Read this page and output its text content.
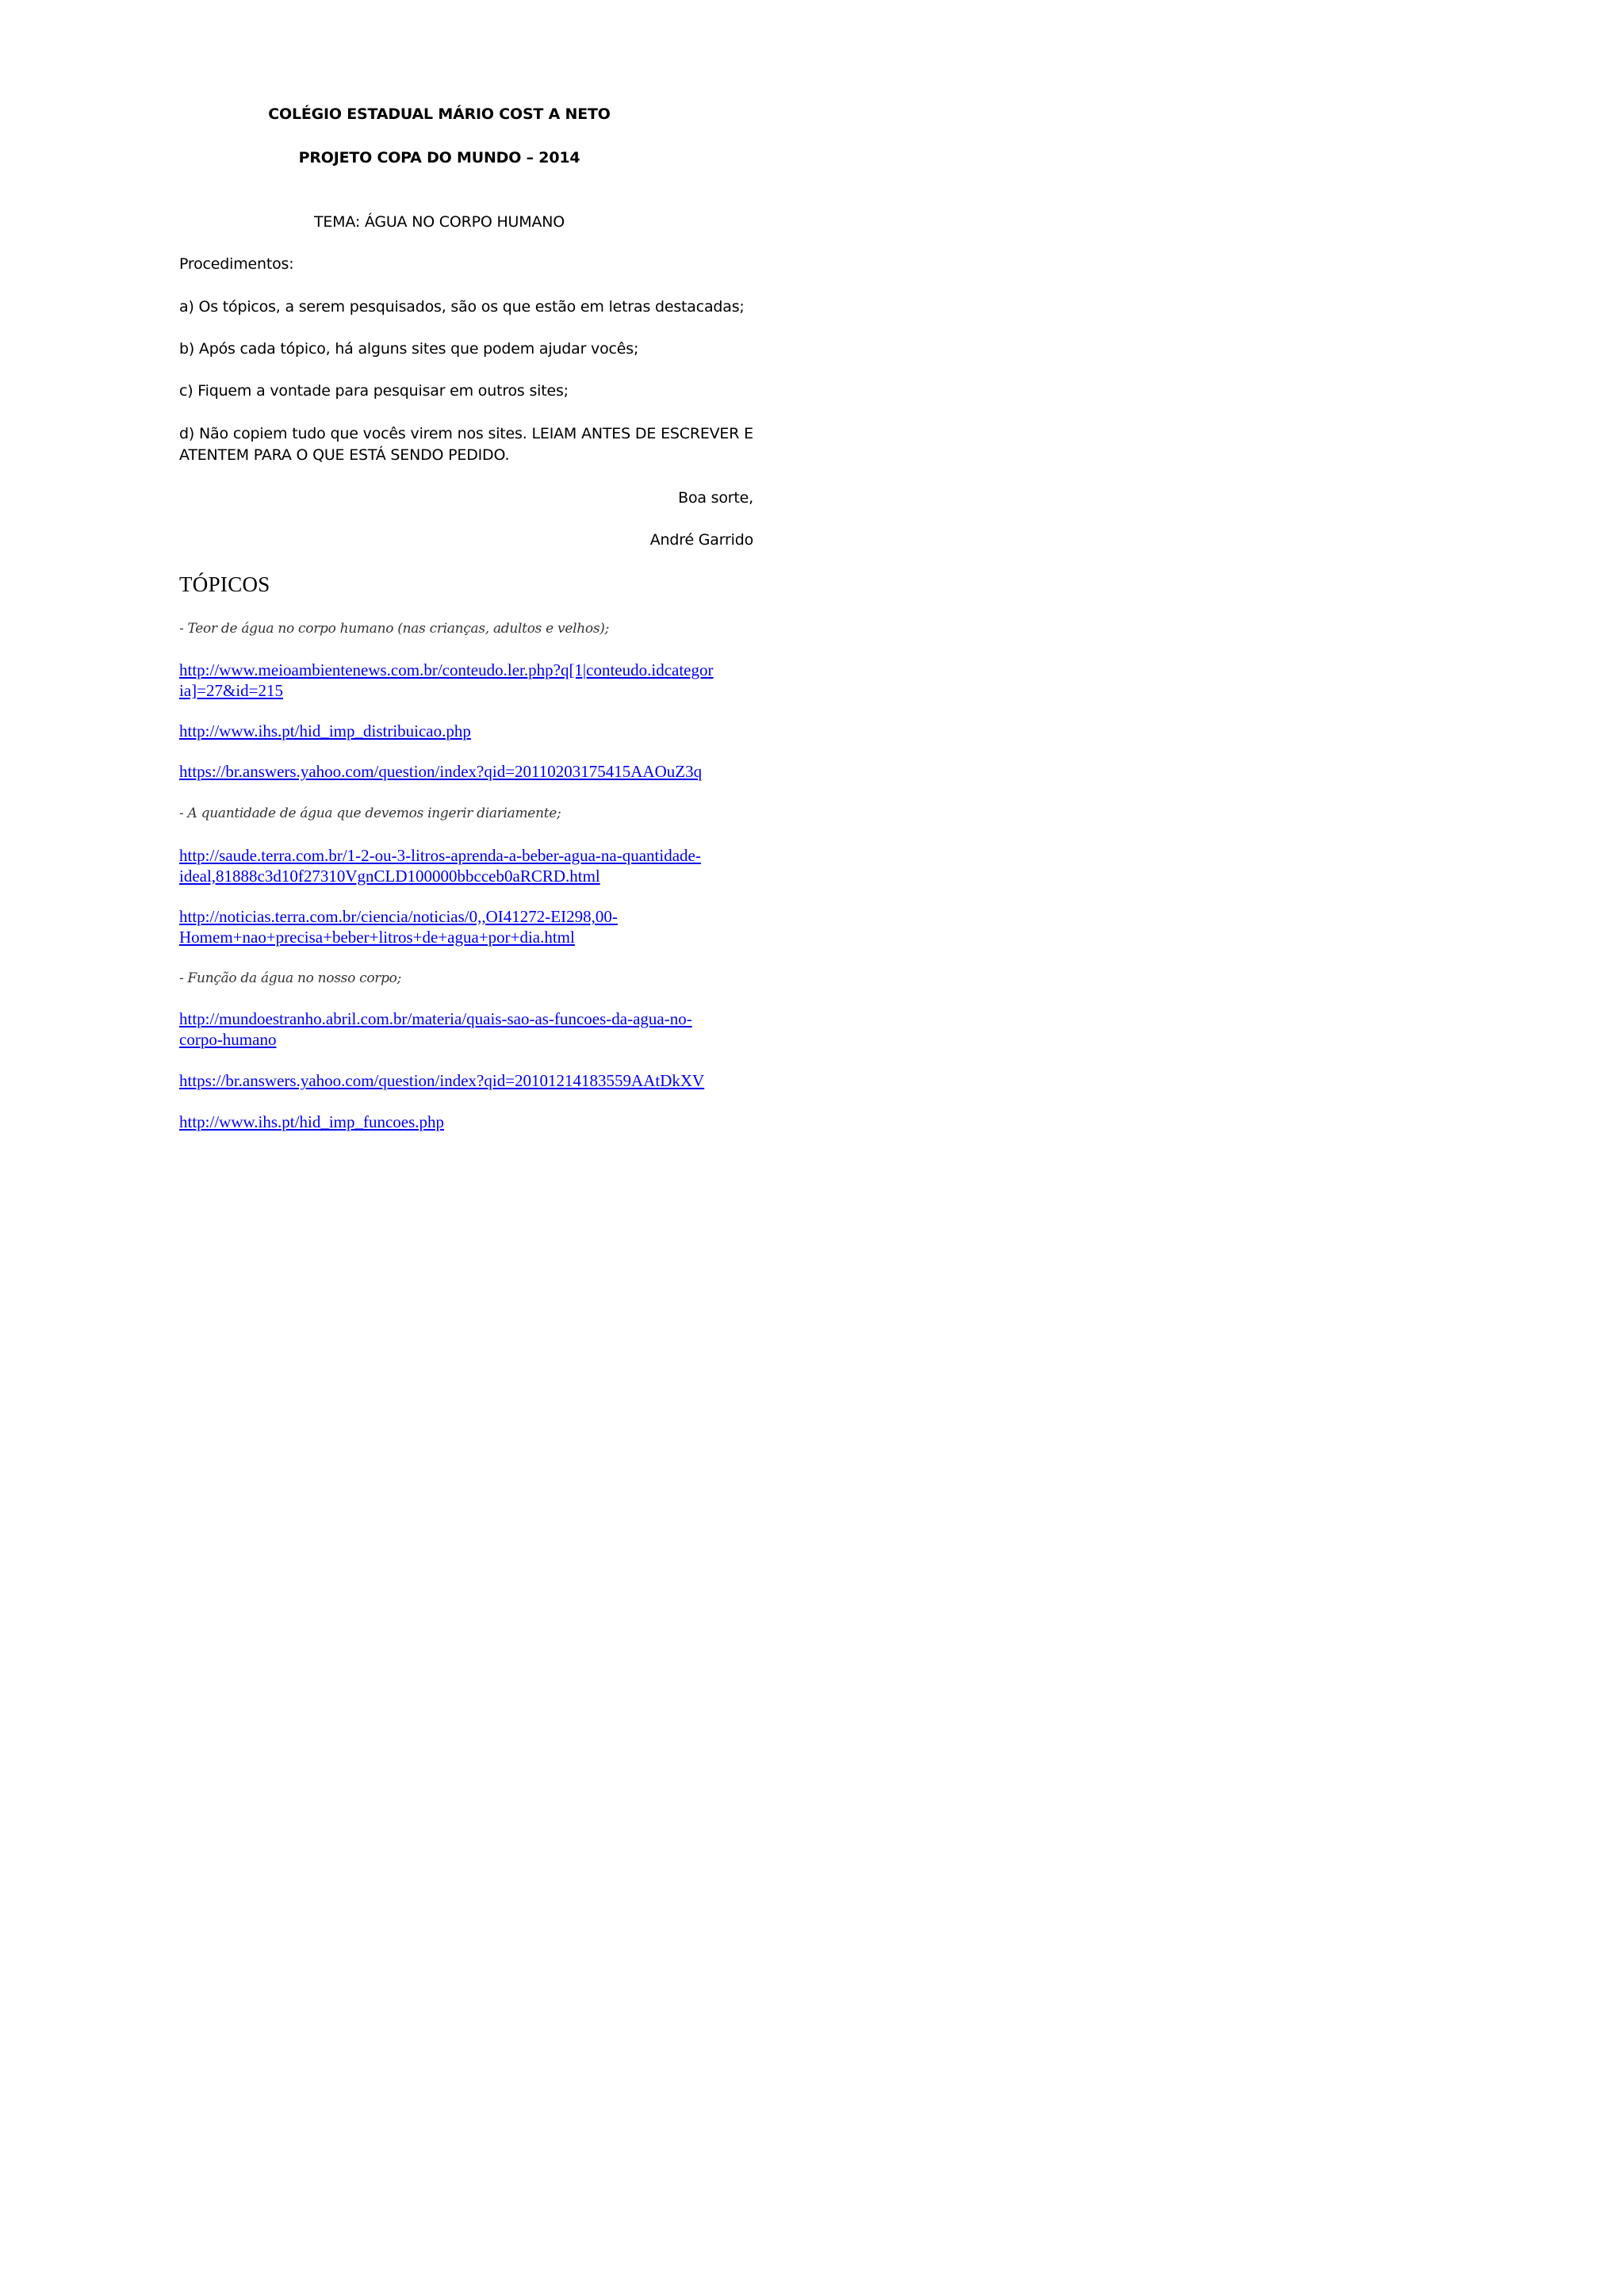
COLÉGIO ESTADUAL MÁRIO COST A NETO
PROJETO COPA DO MUNDO – 2014
TEMA: ÁGUA NO CORPO HUMANO
Procedimentos:
a) Os tópicos, a serem pesquisados, são os que estão em letras destacadas;
b) Após cada tópico, há alguns sites que podem ajudar vocês;
c) Fiquem a vontade para pesquisar em outros sites;
d) Não copiem tudo que vocês virem nos sites. LEIAM ANTES DE ESCREVER E ATENTEM PARA O QUE ESTÁ SENDO PEDIDO.
Boa sorte,
André Garrido
TÓPICOS
- Teor de água no corpo humano (nas crianças, adultos e velhos);
http://www.meioambientenews.com.br/conteudo.ler.php?q[1|conteudo.idcategor
ia]=27&id=215
http://www.ihs.pt/hid_imp_distribuicao.php
https://br.answers.yahoo.com/question/index?qid=20110203175415AAOuZ3q
- A quantidade de água que devemos ingerir diariamente;
http://saude.terra.com.br/1-2-ou-3-litros-aprenda-a-beber-agua-na-quantidade-
ideal,81888c3d10f27310VgnCLD100000bbcceb0aRCRD.html
http://noticias.terra.com.br/ciencia/noticias/0,,OI41272-EI298,00-
Homem+nao+precisa+beber+litros+de+agua+por+dia.html
- Função da água no nosso corpo;
http://mundoestranho.abril.com.br/materia/quais-sao-as-funcoes-da-agua-no-
corpo-humano
https://br.answers.yahoo.com/question/index?qid=20101214183559AAtDkXV
http://www.ihs.pt/hid_imp_funcoes.php
